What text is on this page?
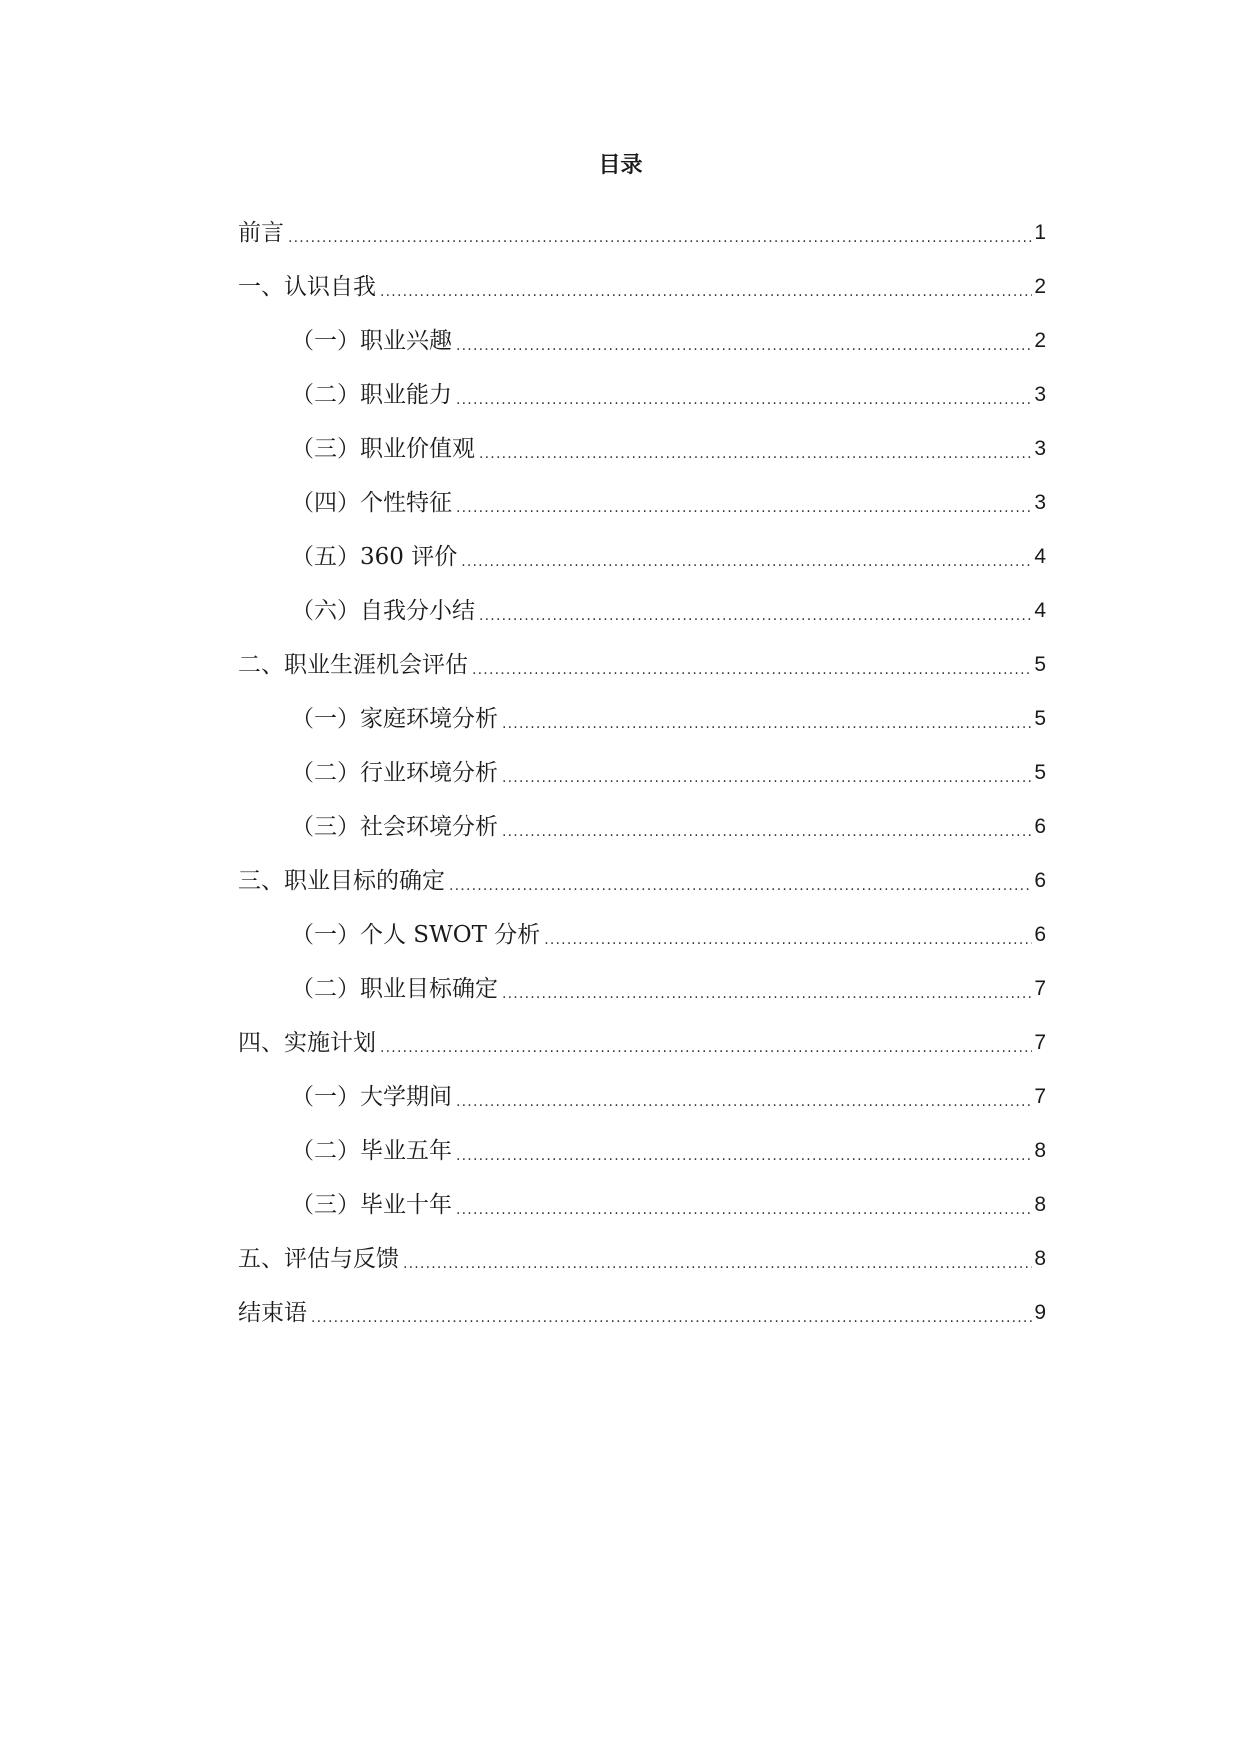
目录
前言 .....	1
一、认识自我 .....	2
（一）职业兴趣 .....	2
（二）职业能力 .....	3
（三）职业价值观 .....	3
（四）个性特征 .....	3
（五）360 评价 .....	4
（六）自我分小结 .....	4
二、职业生涯机会评估 .....	5
（一）家庭环境分析 .....	5
（二）行业环境分析 .....	5
（三）社会环境分析 .....	6
三、职业目标的确定 .....	6
（一）个人 SWOT 分析 .....	6
（二）职业目标确定 .....	7
四、实施计划 .....	7
（一）大学期间 .....	7
（二）毕业五年 .....	8
（三）毕业十年 .....	8
五、评估与反馈 .....	8
结束语 .....	9
